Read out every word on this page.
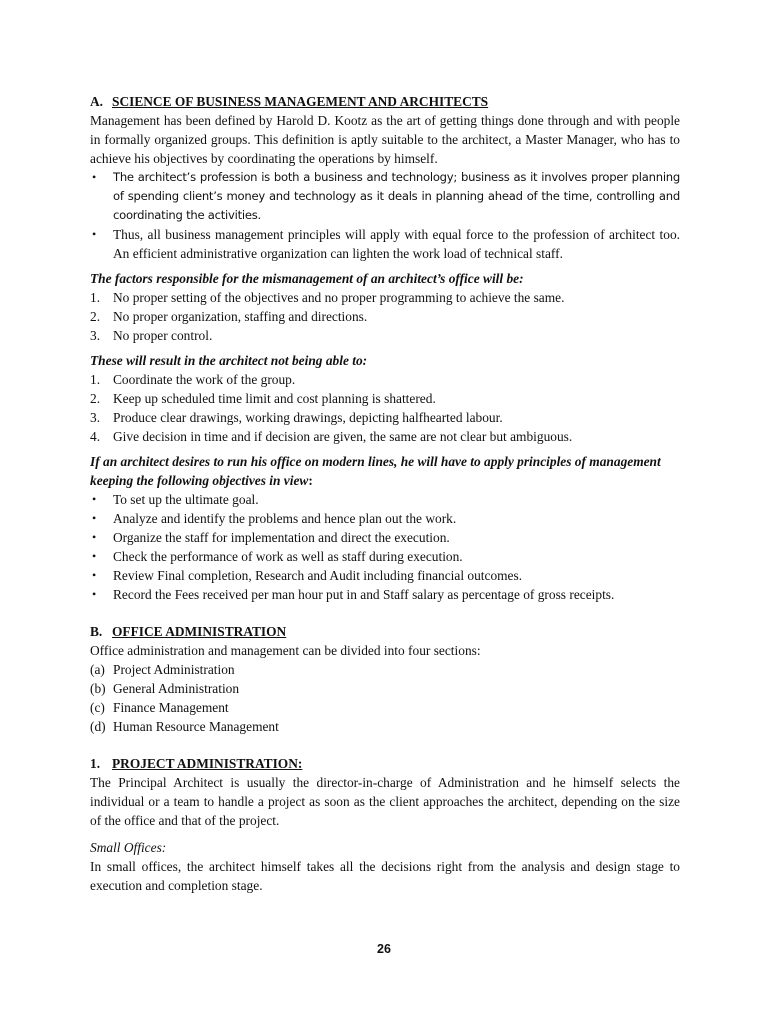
A. SCIENCE OF BUSINESS MANAGEMENT AND ARCHITECTS

Management has been defined by Harold D. Kootz as the art of getting things done through and with people in formally organized groups. This definition is aptly suitable to the architect, a Master Manager, who has to achieve his objectives by coordinating the operations by himself.

• The architect’s profession is both a business and technology; business as it involves proper planning of spending client’s money and technology as it deals in planning ahead of the time, controlling and coordinating the activities.
• Thus, all business management principles will apply with equal force to the profession of architect too. An efficient administrative organization can lighten the work load of technical staff.

The factors responsible for the mismanagement of an architect’s office will be:

1. No proper setting of the objectives and no proper programming to achieve the same.
2. No proper organization, staffing and directions.
3. No proper control.

These will result in the architect not being able to:

1. Coordinate the work of the group.
2. Keep up scheduled time limit and cost planning is shattered.
3. Produce clear drawings, working drawings, depicting halfhearted labour.
4. Give decision in time and if decision are given, the same are not clear but ambiguous.

If an architect desires to run his office on modern lines, he will have to apply principles of management keeping the following objectives in view:

• To set up the ultimate goal.
• Analyze and identify the problems and hence plan out the work.
• Organize the staff for implementation and direct the execution.
• Check the performance of work as well as staff during execution.
• Review Final completion, Research and Audit including financial outcomes.
• Record the Fees received per man hour put in and Staff salary as percentage of gross receipts.

B. OFFICE ADMINISTRATION

Office administration and management can be divided into four sections:

(a) Project Administration
(b) General Administration
(c) Finance Management
(d) Human Resource Management

1. PROJECT ADMINISTRATION:

The Principal Architect is usually the director-in-charge of Administration and he himself selects the individual or a team to handle a project as soon as the client approaches the architect, depending on the size of the office and that of the project.

Small Offices:

In small offices, the architect himself takes all the decisions right from the analysis and design stage to execution and completion stage.

26
